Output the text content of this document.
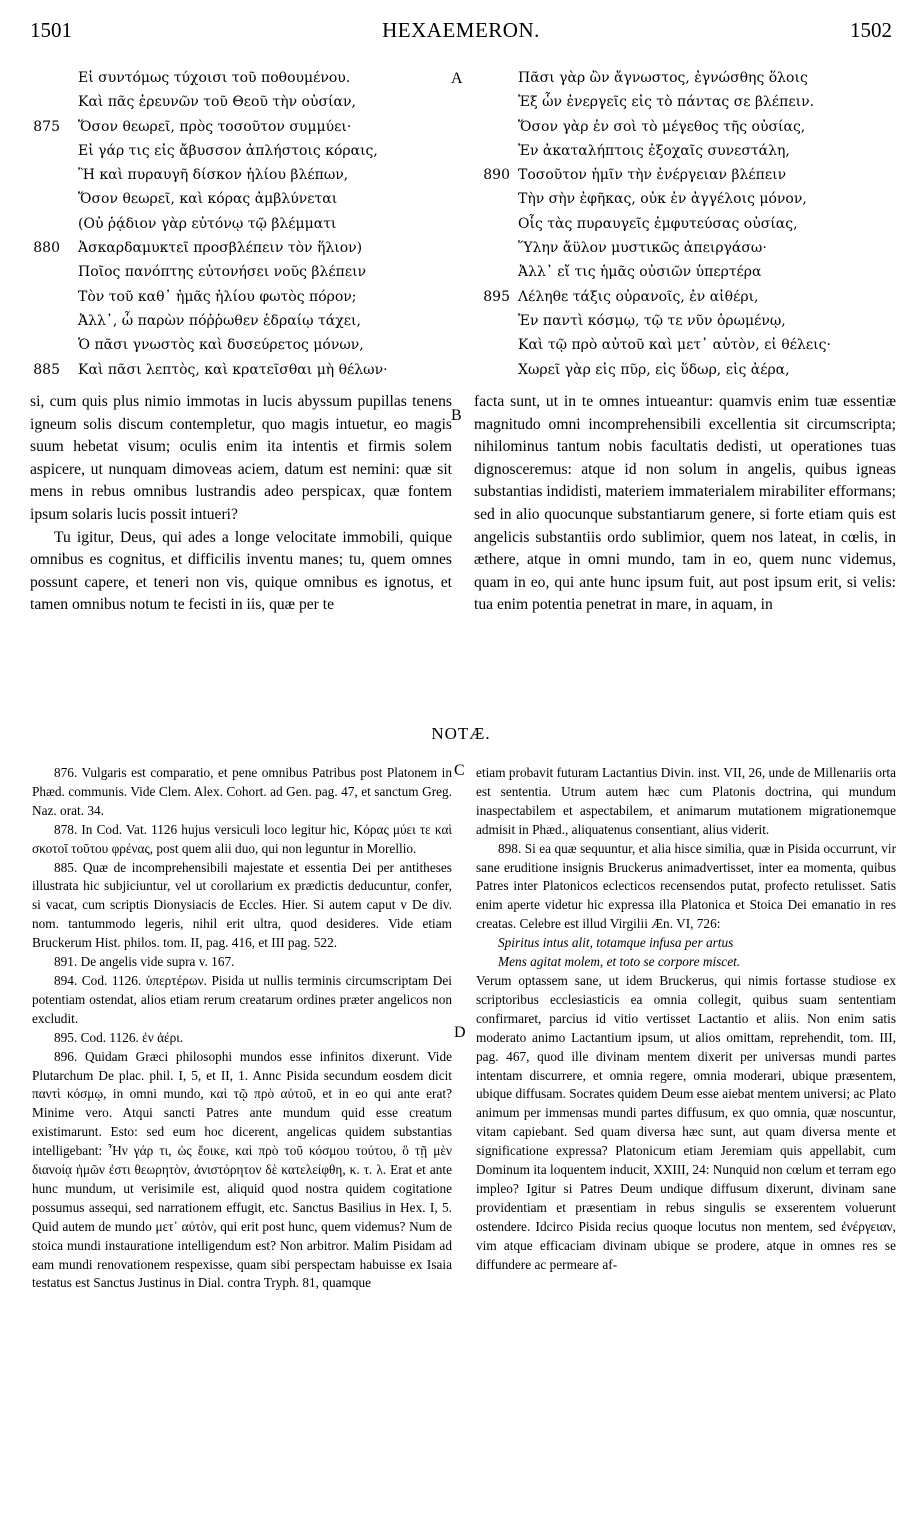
1501	ΗΕΧΑΕΜΕRON.	1502
A
B
C
D
Εἰ συντόμως τύχοισι τοῦ ποθουμένου.
Καὶ πᾶς ἐρευνῶν τοῦ Θεοῦ τὴν οὐσίαν,
875 Ὅσον θεωρεῖ, πρὸς τοσοῦτον συμμύει·
Εἰ γάρ τις εἰς ἄβυσσον ἀπλήστοις κόραις,
Ἢ καὶ πυραυγῆ δίσκον ἡλίου βλέπων,
Ὅσον θεωρεῖ, καὶ κόρας ἀμβλύνεται
(Οὐ ῥᾴδιον γὰρ εὐτόνῳ τῷ βλέμματι
880 Ἀσκαρδαμυκτεῖ προσβλέπειν τὸν ἥλιον)
Ποῖος πανόπτης εὐτονήσει νοῦς βλέπειν
Τὸν τοῦ καθ᾽ ἡμᾶς ἡλίου φωτὸς πόρον;
Ἀλλ᾽, ὦ παρὼν πόῤῥωθεν ἑδραίῳ τάχει,
Ὁ πᾶσι γνωστὸς καὶ δυσεύρετος μόνων,
885 Καὶ πᾶσι λεπτὸς, καὶ κρατεῖσθαι μὴ θέλων·
Πᾶσι γὰρ ὢν ἄγνωστος, ἐγνώσθης ὅλοις
Ἐξ ὧν ἐνεργεῖς εἰς τὸ πάντας σε βλέπειν.
Ὅσον γὰρ ἐν σοὶ τὸ μέγεθος τῆς οὐσίας,
Ἐν ἀκαταλήπτοις ἐξοχαῖς συνεστάλη,
890 Τοσοῦτον ἡμῖν τὴν ἐνέργειαν βλέπειν
Τὴν σὴν ἐφῆκας, οὐκ ἐν ἀγγέλοις μόνον,
Οἷς τὰς πυραυγεῖς ἐμφυτεύσας οὐσίας,
Ὕλην ἄϋλον μυστικῶς ἀπειργάσω·
Ἀλλ᾽ εἴ τις ἡμᾶς οὐσιῶν ὑπερτέρα
895 Λέληθε τάξις οὐρανοῖς, ἐν αἰθέρι,
Ἐν παντὶ κόσμῳ, τῷ τε νῦν ὁρωμένῳ,
Καὶ τῷ πρὸ αὐτοῦ καὶ μετ᾽ αὐτὸν, εἰ θέλεις·
Χωρεῖ γὰρ εἰς πῦρ, εἰς ὕδωρ, εἰς ἀέρα,

si, cum quis plus nimio immotas in lucis abyssum pupillas tenens igneum solis discum contempletur, quo magis intuetur, eo magis suum hebetat visum; oculis enim ita intentis et firmis solem aspicere, ut nunquam dimoveas aciem, datum est nemini: quæ sit mens in rebus omnibus lustrandis adeo perspicax, quæ fontem ipsum solaris lucis possit intueri?

Tu igitur, Deus, qui ades a longe velocitate immobili, quique omnibus es cognitus, et difficilis inventu manes; tu, quem omnes possunt capere, et teneri non vis, quique omnibus es ignotus, et tamen omnibus notum te fecisti in iis, quæ per te

facta sunt, ut in te omnes intueantur: quamvis enim tuæ essentiæ magnitudo omni incomprehensibili excellentia sit circumscripta; nihilominus tantum nobis facultatis dedisti, ut operationes tuas dignosceremus: atque id non solum in angelis, quibus igneas substantias indidisti, materiem immaterialem mirabiliter efformans; sed in alio quocunque substantiarum genere, si forte etiam quis est angelicis substantiis ordo sublimior, quem nos lateat, in cœlis, in æthere, atque in omni mundo, tam in eo, quem nunc videmus, quam in eo, qui ante hunc ipsum fuit, aut post ipsum erit, si velis: tua enim potentia penetrat in mare, in aquam, in

NOTÆ.

876. Vulgaris est comparatio, et pene omnibus Patribus post Platonem in Phæd. communis. Vide Clem. Alex. Cohort. ad Gen. pag. 47, et sanctum Greg. Naz. orat. 34.

878. In Cod. Vat. 1126 hujus versiculi loco legitur hic, Κόρας μύει τε καὶ σκοτοῖ τοῦτου φρένας, post quem alii duo, qui non leguntur in Morellio.

885. Quæ de incomprehensibili majestate et essentia Dei per antitheses illustrata hic subjiciuntur, vel ut corollarium ex prædictis deducuntur, confer, si vacat, cum scriptis Dionysiacis de Eccles. Hier. Si autem caput v De div. nom. tantummodo legeris, nihil erit ultra, quod desideres. Vide etiam Bruckerum Hist. philos. tom. II, pag. 416, et III pag. 522.

891. De angelis vide supra v. 167.

894. Cod. 1126. ὑπερτέρων. Pisida ut nullis terminis circumscriptam Dei potentiam ostendat, alios etiam rerum creatarum ordines præter angelicos non excludit.

895. Cod. 1126. ἐν ἀέρι.

896. Quidam Græci philosophi mundos esse infinitos dixerunt. Vide Plutarchum De plac. phil. I, 5, et II, 1. Annc Pisida secundum eosdem dicit παντὶ κόσμῳ, in omni mundo, καὶ τῷ πρὸ αὐτοῦ, et in eo qui ante erat? Minime vero. Atqui sancti Patres ante mundum quid esse creatum existimarunt. Esto: sed eum hoc dicerent, angelicas quidem substantias intelligebant: Ἦν γάρ τι, ὡς ἔοικε, καὶ πρὸ τοῦ κόσμου τούτου, ὃ τῇ μὲν διανοίᾳ ἡμῶν ἐστι θεωρητὸν, ἀνιστόρητον δὲ κατελείφθη, κ. τ. λ. Erat et ante hunc mundum, ut verisimile est, aliquid quod nostra quidem cogitatione possumus assequi, sed narrationem effugit, etc. Sanctus Basilius in Hex. I, 5. Quid autem de mundo μετ᾽ αὐτὸν, qui erit post hunc, quem videmus? Num de stoica mundi instauratione intelligendum est? Non arbitror. Malim Pisidam ad eam mundi renovationem respexisse, quam sibi perspectam habuisse ex Isaia testatus est Sanctus Justinus in Dial. contra Tryph. 81, quamque

etiam probavit futuram Lactantius Divin. inst. VII, 26, unde de Millenariis orta est sententia. Utrum autem hæc cum Platonis doctrina, qui mundum inaspectabilem et aspectabilem, et animarum mutationem migrationemque admisit in Phæd., aliquatenus consentiant, alius viderit.

898. Si ea quæ sequuntur, et alia hisce similia, quæ in Pisida occurrunt, vir sane eruditione insignis Bruckerus animadvertisset, inter ea momenta, quibus Patres inter Platonicos eclecticos recensendos putat, profecto retulisset. Satis enim aperte videtur hic expressa illa Platonica et Stoica Dei emanatio in res creatas. Celebre est illud Virgilii Æn. VI, 726:

Spiritus intus alit, totamque infusa per artus

Mens agitat molem, et toto se corpore miscet.

Verum optassem sane, ut idem Bruckerus, qui nimis fortasse studiose ex scriptoribus ecclesiasticis ea omnia collegit, quibus suam sententiam confirmaret, parcius id vitio vertisset Lactantio et aliis. Non enim satis moderato animo Lactantium ipsum, ut alios omittam, reprehendit, tom. III, pag. 467, quod ille divinam mentem dixerit per universas mundi partes intentam discurrere, et omnia regere, omnia moderari, ubique præsentem, ubique diffusam. Socrates quidem Deum esse aiebat mentem universi; ac Plato animum per immensas mundi partes diffusum, ex quo omnia, quæ noscuntur, vitam capiebant. Sed quam diversa hæc sunt, aut quam diversa mente et significatione expressa? Platonicum etiam Jeremiam quis appellabit, cum Dominum ita loquentem inducit, XXIII, 24: Nunquid non cœlum et terram ego impleo? Igitur si Patres Deum undique diffusum dixerunt, divinam sane providentiam et præsentiam in rebus singulis se exserentem voluerunt ostendere. Idcirco Pisida recius quoque locutus non mentem, sed ἐνέργειαν, vim atque efficaciam divinam ubique se prodere, atque in omnes res se diffundere ac permeare af-
